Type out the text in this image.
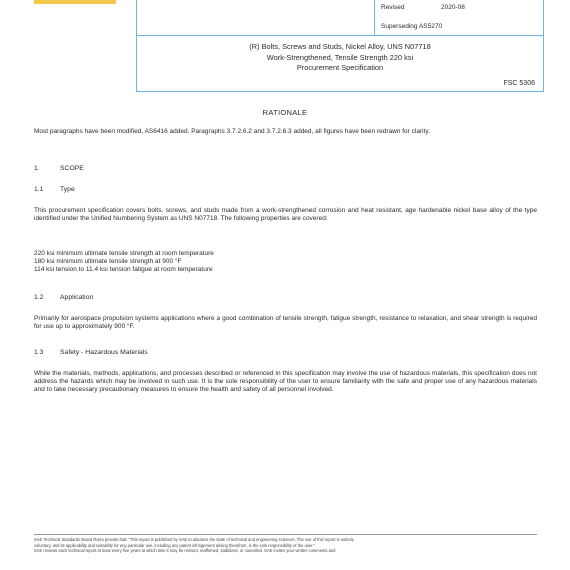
Revised	2020-08
Superseding AS5270
(R) Bolts, Screws and Studs, Nickel Alloy, UNS N07718
Work-Strengthened, Tensile Strength 220 ksi
Procurement Specification
FSC 5306
RATIONALE
Most paragraphs have been modified, AS6416 added. Paragraphs 3.7.2.6.2 and 3.7.2.6.3 added, all figures have been redrawn for clarity.
1.	SCOPE
1.1 Type
This procurement specification covers bolts, screws, and studs made from a work-strengthened corrosion and heat resistant, age hardenable nickel base alloy of the type identified under the Unified Numbering System as UNS N07718. The following properties are covered:
220 ksi minimum ultimate tensile strength at room temperature
180 ksi minimum ultimate tensile strength at 900 °F
114 ksi tension to 11.4 ksi tension fatigue at room temperature
1.2 Application
Primarily for aerospace propulsion systems applications where a good combination of tensile strength, fatigue strength, resistance to relaxation, and shear strength is required for use up to approximately 900 °F.
1.3 Safety - Hazardous Materials
While the materials, methods, applications, and processes described or referenced in this specification may involve the use of hazardous materials, this specification does not address the hazards which may be involved in such use. It is the sole responsibility of the user to ensure familiarity with the safe and proper use of any hazardous materials and to take necessary precautionary measures to ensure the health and safety of all personnel involved.
SAE Technical Standards Board Rules provide that: "This report is published by SAE to advance the state of technical and engineering sciences. The use of this report is entirely
voluntary, and its applicability and suitability for any particular use, including any patent infringement arising therefrom, is the sole responsibility of the user."
SAE reviews each technical report at least every five years at which time it may be revised, reaffirmed, stabilized, or cancelled. SAE invites your written comments and
